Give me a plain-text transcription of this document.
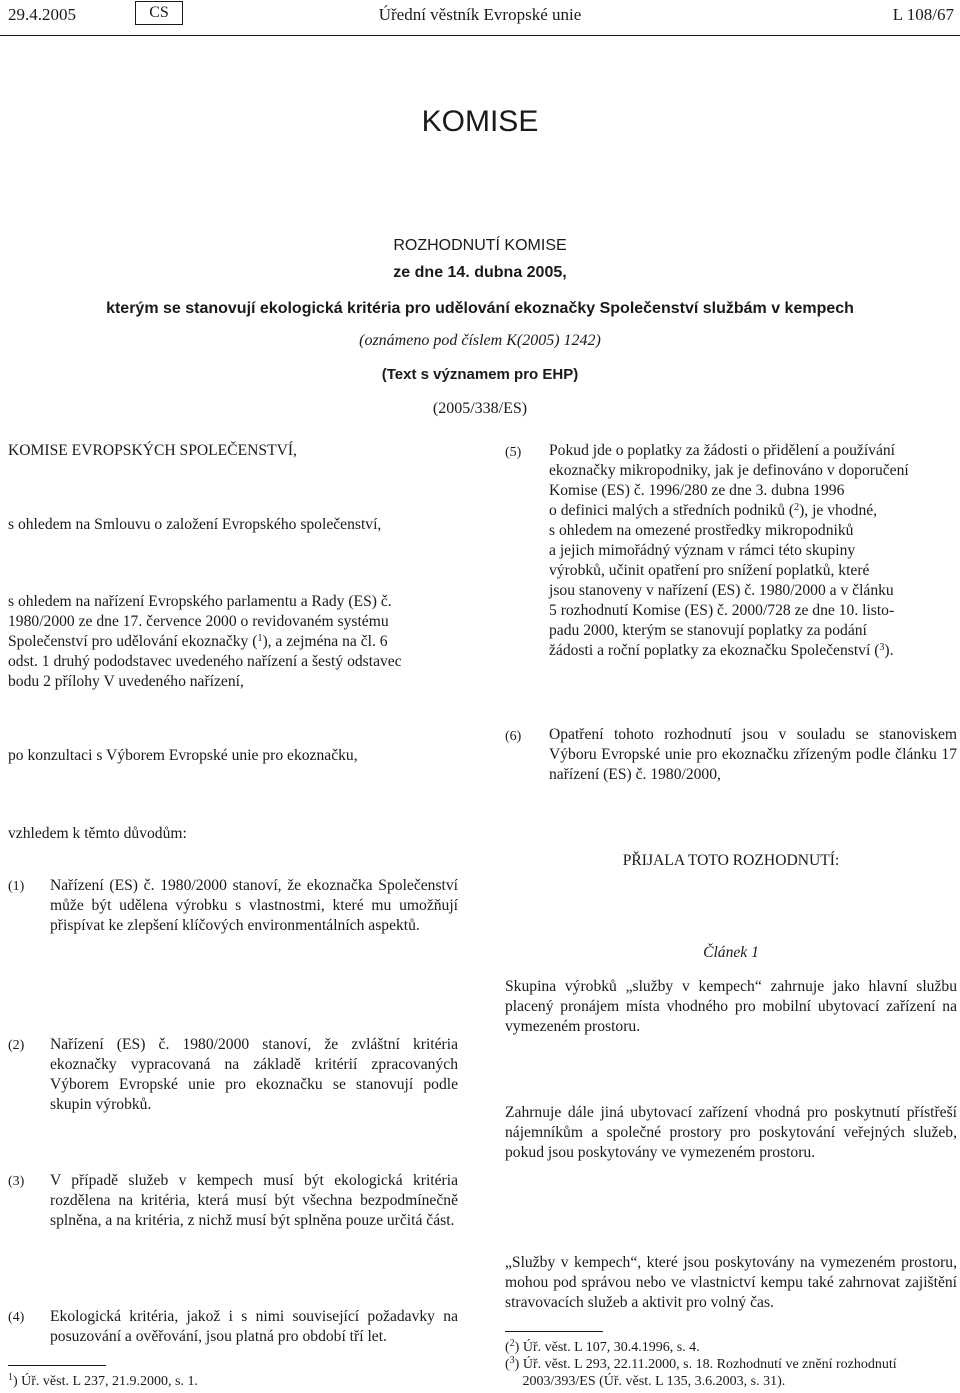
29.4.2005	CS	Úřední věstník Evropské unie	L 108/67
KOMISE
ROZHODNUTÍ KOMISE
ze dne 14. dubna 2005,
kterým se stanovují ekologická kritéria pro udělování ekoznačky Společenství službám v kempech
(oznámeno pod číslem K(2005) 1242)
(Text s významem pro EHP)
(2005/338/ES)
KOMISE EVROPSKÝCH SPOLEČENSTVÍ,
s ohledem na Smlouvu o založení Evropského společenství,
s ohledem na nařízení Evropského parlamentu a Rady (ES) č.
1980/2000 ze dne 17. července 2000 o revidovaném systému
Společenství pro udělování ekoznačky ($^1$), a zejména na čl. 6
odst. 1 druhý pododstavec uvedeného nařízení a šestý odstavec
bodu 2 přílohy V uvedeného nařízení,
po konzultaci s Výborem Evropské unie pro ekoznačku,
vzhledem k těmto důvodům:
(1)	Nařízení (ES) č. 1980/2000 stanoví, že ekoznačka Společenství může být udělena výrobku s vlastnostmi, které mu umožňují přispívat ke zlepšení klíčových environmentálních aspektů.
(2)	Nařízení (ES) č. 1980/2000 stanoví, že zvláštní kritéria ekoznačky vypracovaná na základě kritérií zpracovaných Výborem Evropské unie pro ekoznačku se stanovují podle skupin výrobků.
(3)	V případě služeb v kempech musí být ekologická kritéria rozdělena na kritéria, která musí být všechna bezpodmínečně splněna, a na kritéria, z nichž musí být splněna pouze určitá část.
(4)	Ekologická kritéria, jakož i s nimi související požadavky na posuzování a ověřování, jsou platná pro období tří let.
$^1$) Úř. věst. L 237, 21.9.2000, s. 1.
(5)	Pokud jde o poplatky za žádosti o přidělení a používání
ekoznačky mikropodniky, jak je definováno v doporučení
Komise (ES) č. 1996/280 ze dne 3. dubna 1996
o definici malých a středních podniků ($^2$), je vhodné,
s ohledem na omezené prostředky mikropodniků
a jejich mimořádný význam v rámci této skupiny
výrobků, učinit opatření pro snížení poplatků, které
jsou stanoveny v nařízení (ES) č. 1980/2000 a v článku
5 rozhodnutí Komise (ES) č. 2000/728 ze dne 10. listo-
padu 2000, kterým se stanovují poplatky za podání
žádosti a roční poplatky za ekoznačku Společenství ($^3$).
(6)	Opatření tohoto rozhodnutí jsou v souladu se stanoviskem Výboru Evropské unie pro ekoznačku zřízeným podle článku 17 nařízení (ES) č. 1980/2000,
PŘIJALA TOTO ROZHODNUTÍ:
Článek 1
Skupina výrobků „služby v kempech“ zahrnuje jako hlavní službu placený pronájem místa vhodného pro mobilní ubytovací zařízení na vymezeném prostoru.
Zahrnuje dále jiná ubytovací zařízení vhodná pro poskytnutí přístřeší nájemníkům a společné prostory pro poskytování veřejných služeb, pokud jsou poskytovány ve vymezeném prostoru.
„Služby v kempech“, které jsou poskytovány na vymezeném prostoru, mohou pod správou nebo ve vlastnictví kempu také zahrnovat zajištění stravovacích služeb a aktivit pro volný čas.
($^2$) Úř. věst. L 107, 30.4.1996, s. 4.
($^3$) Úř. věst. L 293, 22.11.2000, s. 18. Rozhodnutí ve znění rozhodnutí
2003/393/ES (Úř. věst. L 135, 3.6.2003, s. 31).
